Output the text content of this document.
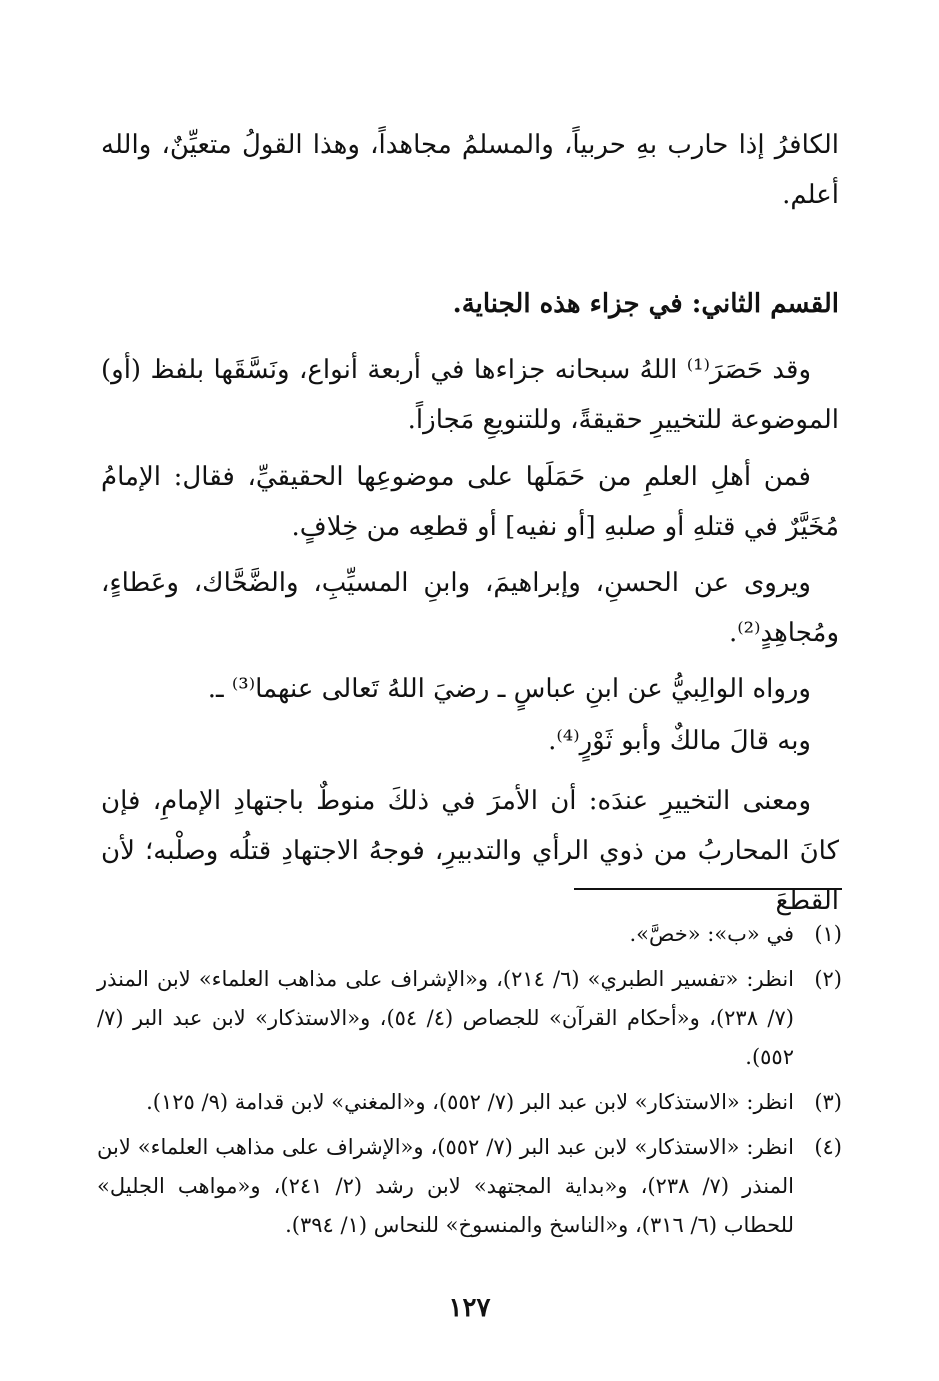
الكافرُ إذا حارب بهِ حربياً، والمسلمُ مجاهداً، وهذا القولُ متعيِّنٌ، والله أعلم.

القسم الثاني: في جزاء هذه الجناية.

وقد حَصَرَ⁽¹⁾ اللهُ سبحانه جزاءها في أربعة أنواع، ونَسَّقَها بلفظ (أو) الموضوعة للتخييرِ حقيقةً، وللتنويعِ مَجازاً.

فمن أهلِ العلمِ من حَمَلَها على موضوعِها الحقيقيِّ، فقال: الإمامُ مُخَيَّرٌ في قتلهِ أو صلبهِ [أو نفيه] أو قطعِه من خِلافٍ.

ويروى عن الحسنِ، وإبراهيمَ، وابنِ المسيِّبِ، والضَّحَّاك، وعَطاءٍ، ومُجاهِدٍ⁽²⁾.

ورواه الوالِبيُّ عن ابنِ عباسٍ ـ رضيَ اللهُ تَعالى عنهما⁽³⁾ ـ.

وبه قالَ مالكٌ وأبو ثَوْرٍ⁽⁴⁾.

ومعنى التخييرِ عندَه: أن الأمرَ في ذلكَ منوطٌ باجتهادِ الإمامِ، فإن كانَ المحاربُ من ذوي الرأي والتدبيرِ، فوجهُ الاجتهادِ قتلُه وصلْبه؛ لأن القطعَ

(١)
في «ب»: «خصَّ».
(٢)
انظر: «تفسير الطبري» (٦/ ٢١٤)، و«الإشراف على مذاهب العلماء» لابن المنذر (٧/ ٢٣٨)، و«أحكام القرآن» للجصاص (٤/ ٥٤)، و«الاستذكار» لابن عبد البر (٧/ ٥٥٢).
(٣)
انظر: «الاستذكار» لابن عبد البر (٧/ ٥٥٢)، و«المغني» لابن قدامة (٩/ ١٢٥).
(٤)
انظر: «الاستذكار» لابن عبد البر (٧/ ٥٥٢)، و«الإشراف على مذاهب العلماء» لابن المنذر (٧/ ٢٣٨)، و«بداية المجتهد» لابن رشد (٢/ ٢٤١)، و«مواهب الجليل» للحطاب (٦/ ٣١٦)، و«الناسخ والمنسوخ» للنحاس (١/ ٣٩٤).
١٢٧
